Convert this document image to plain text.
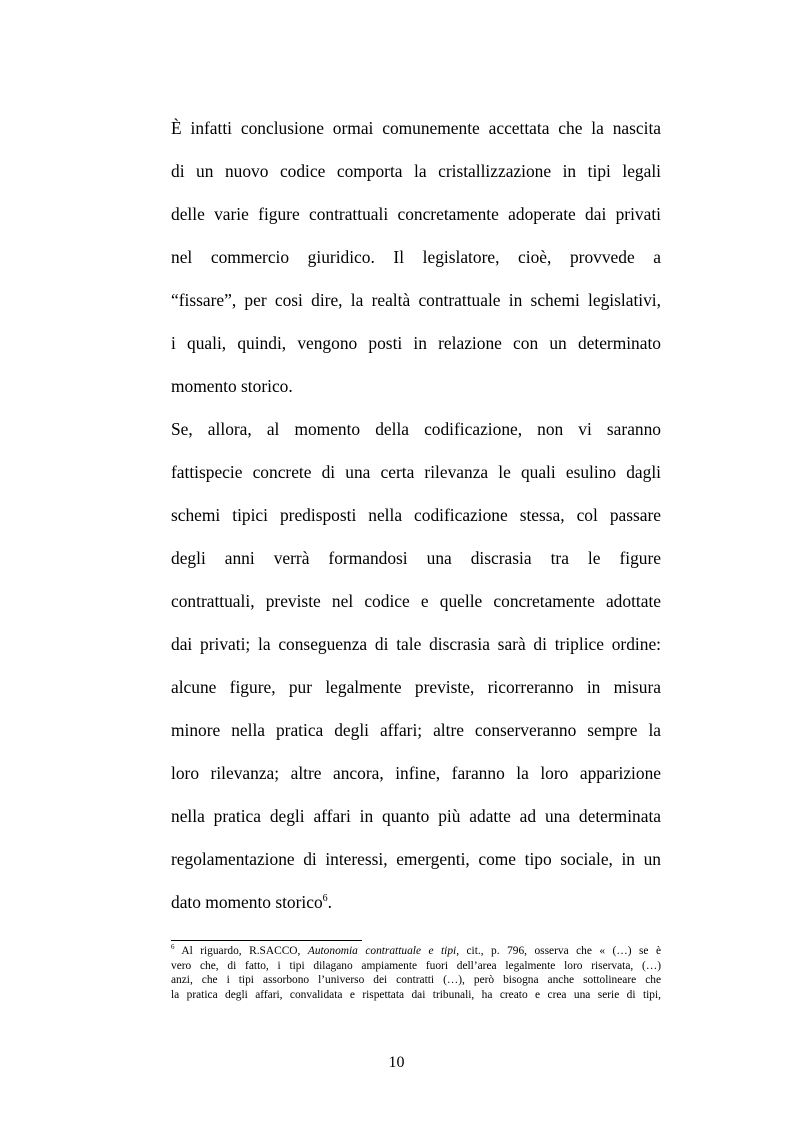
È infatti conclusione ormai comunemente accettata che la nascita
di un nuovo codice comporta la cristallizzazione in tipi legali
delle varie figure contrattuali concretamente adoperate dai privati
nel commercio giuridico. Il legislatore, cioè, provvede a
“fissare”, per cosi dire, la realtà contrattuale in schemi legislativi,
i quali, quindi, vengono posti in relazione con un determinato
momento storico.
Se, allora, al momento della codificazione, non vi saranno
fattispecie concrete di una certa rilevanza le quali esulino dagli
schemi tipici predisposti nella codificazione stessa, col passare
degli anni verrà formandosi una discrasia tra le figure
contrattuali, previste nel codice e quelle concretamente adottate
dai privati; la conseguenza di tale discrasia sarà di triplice ordine:
alcune figure, pur legalmente previste, ricorreranno in misura
minore nella pratica degli affari; altre conserveranno sempre la
loro rilevanza; altre ancora, infine, faranno la loro apparizione
nella pratica degli affari in quanto più adatte ad una determinata
regolamentazione di interessi, emergenti, come tipo sociale, in un
dato momento storico$^6$.
$^6$ Al riguardo, R.SACCO, Autonomia contrattuale e tipi, cit., p. 796, osserva che « (…) se è
vero che, di fatto, i tipi dilagano ampiamente fuori dell’area legalmente loro riservata, (…)
anzi, che i tipi assorbono l’universo dei contratti (…), però bisogna anche sottolineare che
la pratica degli affari, convalidata e rispettata dai tribunali, ha creato e crea una serie di tipi,
10
